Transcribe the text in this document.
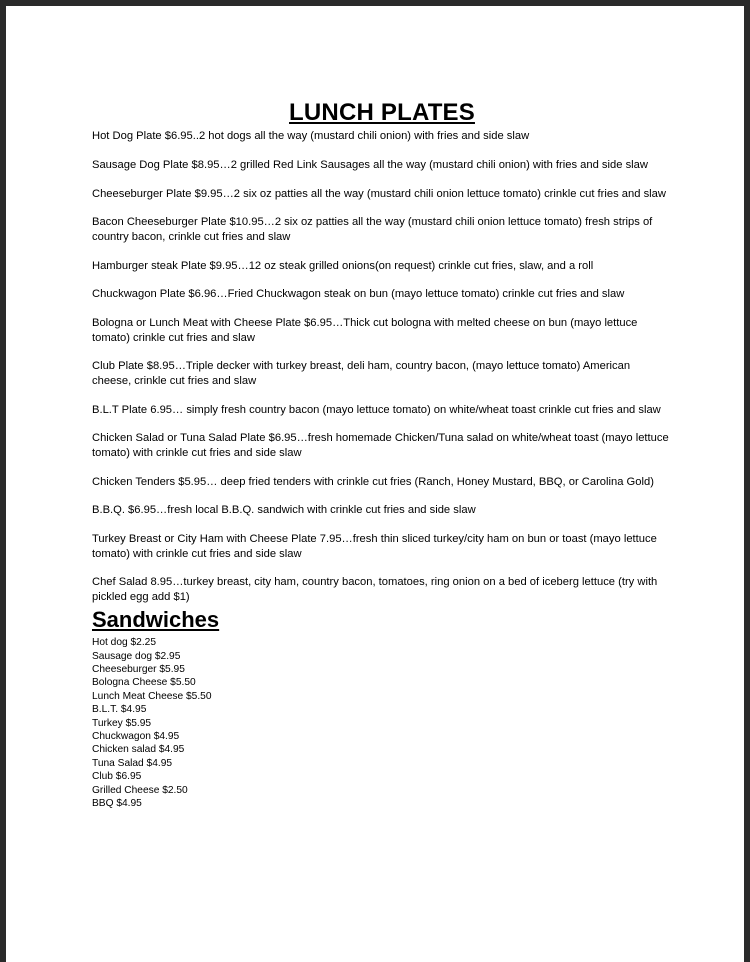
LUNCH PLATES
Hot Dog Plate $6.95..2 hot dogs all the way (mustard chili onion) with fries and side slaw
Sausage Dog Plate $8.95…2 grilled Red Link Sausages all the way (mustard chili onion) with fries and side slaw
Cheeseburger Plate $9.95…2 six oz patties all the way (mustard chili onion lettuce tomato) crinkle cut fries and slaw
Bacon Cheeseburger Plate $10.95…2 six oz patties all the way (mustard chili onion lettuce tomato) fresh strips of country bacon, crinkle cut fries and slaw
Hamburger steak Plate $9.95…12 oz steak grilled onions(on request) crinkle cut fries, slaw, and a roll
Chuckwagon Plate $6.96…Fried Chuckwagon steak on bun (mayo lettuce tomato) crinkle cut fries and slaw
Bologna or Lunch Meat with Cheese Plate $6.95…Thick cut bologna with melted cheese on bun (mayo lettuce tomato) crinkle cut fries and slaw
Club Plate $8.95…Triple decker with turkey breast, deli ham, country bacon, (mayo lettuce tomato) American cheese, crinkle cut fries and slaw
B.L.T Plate 6.95… simply fresh country bacon (mayo lettuce tomato) on white/wheat toast crinkle cut fries and slaw
Chicken Salad or Tuna Salad Plate $6.95…fresh homemade Chicken/Tuna salad on white/wheat toast (mayo lettuce tomato) with crinkle cut fries and side slaw
Chicken Tenders $5.95… deep fried tenders with crinkle cut fries (Ranch, Honey Mustard, BBQ, or Carolina Gold)
B.B.Q. $6.95…fresh local B.B.Q. sandwich with crinkle cut fries and side slaw
Turkey Breast or City Ham with Cheese Plate 7.95…fresh thin sliced turkey/city ham on bun or toast (mayo lettuce tomato) with crinkle cut fries and side slaw
Chef Salad 8.95…turkey breast, city ham, country bacon, tomatoes, ring onion on a bed of iceberg lettuce (try with pickled egg add $1)
Sandwiches
Hot dog $2.25
Sausage dog $2.95
Cheeseburger $5.95
Bologna Cheese $5.50
Lunch Meat Cheese $5.50
B.L.T. $4.95
Turkey $5.95
Chuckwagon $4.95
Chicken salad $4.95
Tuna Salad $4.95
Club $6.95
Grilled Cheese $2.50
BBQ $4.95
